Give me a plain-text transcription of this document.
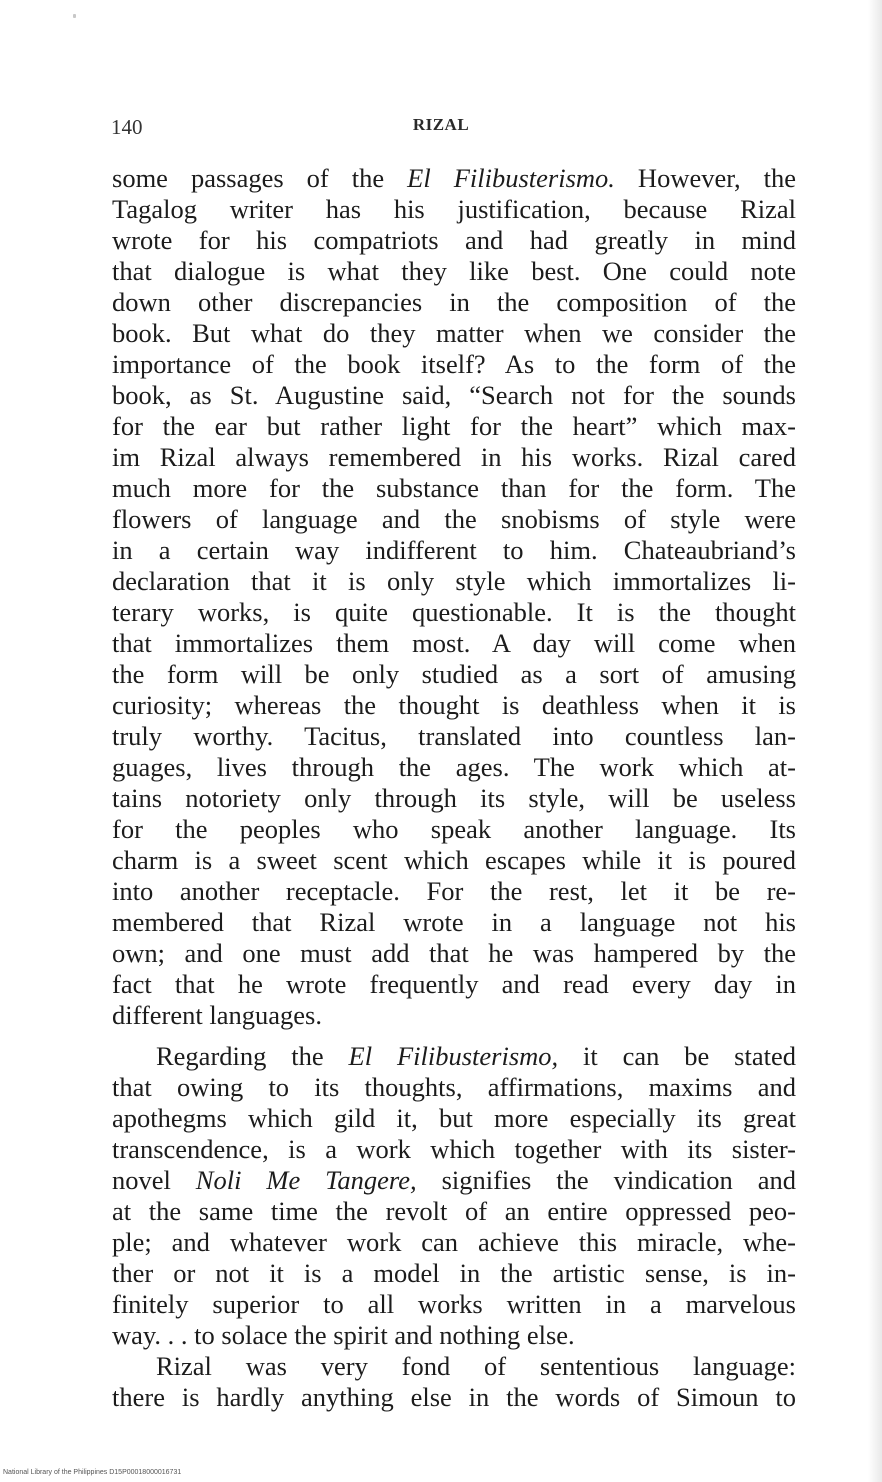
140	RIZAL
some passages of the El Filibusterismo. However, the
Tagalog writer has his justification, because Rizal
wrote for his compatriots and had greatly in mind
that dialogue is what they like best. One could note
down other discrepancies in the composition of the
book. But what do they matter when we consider the
importance of the book itself? As to the form of the
book, as St. Augustine said, “Search not for the sounds
for the ear but rather light for the heart” which max-
im Rizal always remembered in his works. Rizal cared
much more for the substance than for the form. The
flowers of language and the snobisms of style were
in a certain way indifferent to him. Chateaubriand’s
declaration that it is only style which immortalizes li-
terary works, is quite questionable. It is the thought
that immortalizes them most. A day will come when
the form will be only studied as a sort of amusing
curiosity; whereas the thought is deathless when it is
truly worthy. Tacitus, translated into countless lan-
guages, lives through the ages. The work which at-
tains notoriety only through its style, will be useless
for the peoples who speak another language. Its
charm is a sweet scent which escapes while it is poured
into another receptacle. For the rest, let it be re-
membered that Rizal wrote in a language not his
own; and one must add that he was hampered by the
fact that he wrote frequently and read every day in
different languages.
Regarding the El Filibusterismo, it can be stated
that owing to its thoughts, affirmations, maxims and
apothegms which gild it, but more especially its great
transcendence, is a work which together with its sister-
novel Noli Me Tangere, signifies the vindication and
at the same time the revolt of an entire oppressed peo-
ple; and whatever work can achieve this miracle, whe-
ther or not it is a model in the artistic sense, is in-
finitely superior to all works written in a marvelous
way. . . to solace the spirit and nothing else.
Rizal was very fond of sententious language:
there is hardly anything else in the words of Simoun to
National Library of the Philippines D15P00018000016731
